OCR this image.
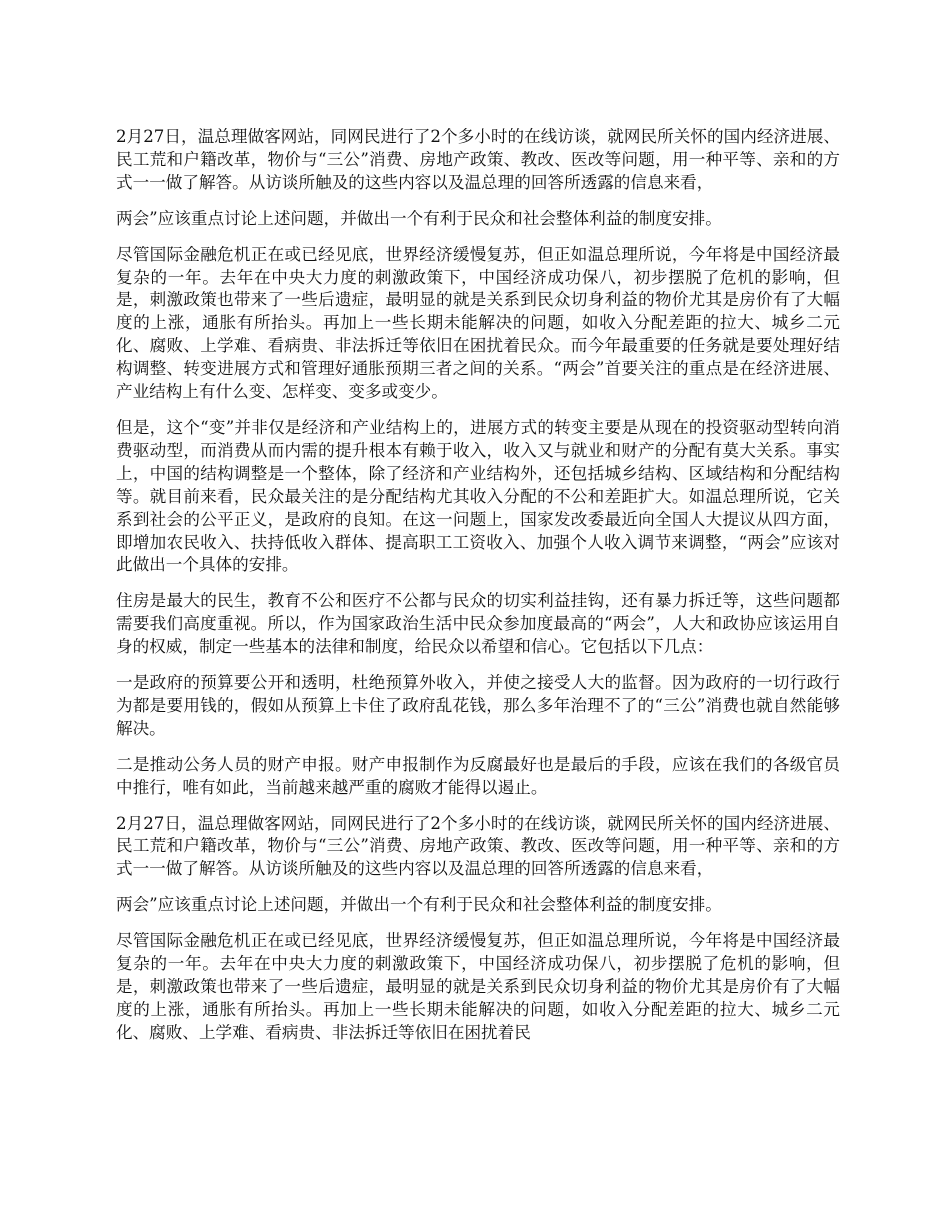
2月27日，温总理做客网站，同网民进行了2个多小时的在线访谈，就网民所关怀的国内经济进展、民工荒和户籍改革，物价与“三公”消费、房地产政策、教改、医改等问题，用一种平等、亲和的方式一一做了解答。从访谈所触及的这些内容以及温总理的回答所透露的信息来看，

两会”应该重点讨论上述问题，并做出一个有利于民众和社会整体利益的制度安排。

尽管国际金融危机正在或已经见底，世界经济缓慢复苏，但正如温总理所说，今年将是中国经济最复杂的一年。去年在中央大力度的刺激政策下，中国经济成功保八，初步摆脱了危机的影响，但是，刺激政策也带来了一些后遗症，最明显的就是关系到民众切身利益的物价尤其是房价有了大幅度的上涨，通胀有所抬头。再加上一些长期未能解决的问题，如收入分配差距的拉大、城乡二元化、腐败、上学难、看病贵、非法拆迁等依旧在困扰着民众。而今年最重要的任务就是要处理好结构调整、转变进展方式和管理好通胀预期三者之间的关系。“两会”首要关注的重点是在经济进展、产业结构上有什么变、怎样变、变多或变少。

但是，这个“变”并非仅是经济和产业结构上的，进展方式的转变主要是从现在的投资驱动型转向消费驱动型，而消费从而内需的提升根本有赖于收入，收入又与就业和财产的分配有莫大关系。事实上，中国的结构调整是一个整体，除了经济和产业结构外，还包括城乡结构、区域结构和分配结构等。就目前来看，民众最关注的是分配结构尤其收入分配的不公和差距扩大。如温总理所说，它关系到社会的公平正义，是政府的良知。在这一问题上，国家发改委最近向全国人大提议从四方面，即增加农民收入、扶持低收入群体、提高职工工资收入、加强个人收入调节来调整，“两会”应该对此做出一个具体的安排。

住房是最大的民生，教育不公和医疗不公都与民众的切实利益挂钩，还有暴力拆迁等，这些问题都需要我们高度重视。所以，作为国家政治生活中民众参加度最高的“两会”，人大和政协应该运用自身的权威，制定一些基本的法律和制度，给民众以希望和信心。它包括以下几点：

一是政府的预算要公开和透明，杜绝预算外收入，并使之接受人大的监督。因为政府的一切行政行为都是要用钱的，假如从预算上卡住了政府乱花钱，那么多年治理不了的“三公”消费也就自然能够解决。

二是推动公务人员的财产申报。财产申报制作为反腐最好也是最后的手段，应该在我们的各级官员中推行，唯有如此，当前越来越严重的腐败才能得以遏止。

2月27日，温总理做客网站，同网民进行了2个多小时的在线访谈，就网民所关怀的国内经济进展、民工荒和户籍改革，物价与“三公”消费、房地产政策、教改、医改等问题，用一种平等、亲和的方式一一做了解答。从访谈所触及的这些内容以及温总理的回答所透露的信息来看，

两会”应该重点讨论上述问题，并做出一个有利于民众和社会整体利益的制度安排。

尽管国际金融危机正在或已经见底，世界经济缓慢复苏，但正如温总理所说，今年将是中国经济最复杂的一年。去年在中央大力度的刺激政策下，中国经济成功保八，初步摆脱了危机的影响，但是，刺激政策也带来了一些后遗症，最明显的就是关系到民众切身利益的物价尤其是房价有了大幅度的上涨，通胀有所抬头。再加上一些长期未能解决的问题，如收入分配差距的拉大、城乡二元化、腐败、上学难、看病贵、非法拆迁等依旧在困扰着民
